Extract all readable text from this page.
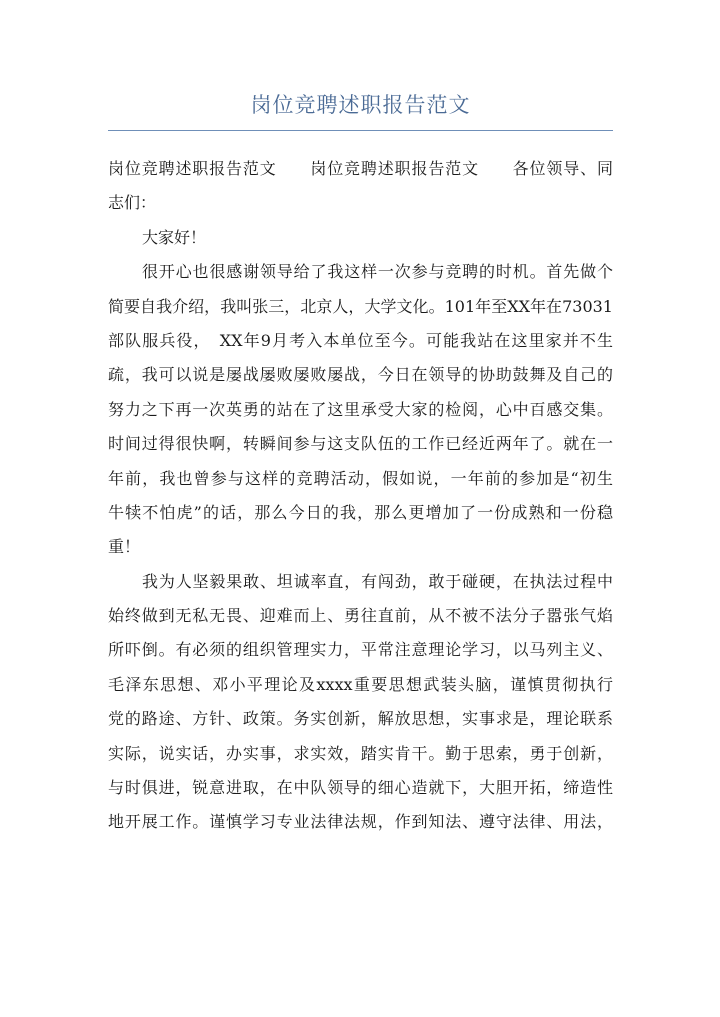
岗位竞聘述职报告范文
岗位竞聘述职报告范文　　岗位竞聘述职报告范文　　各位领导、同
志们：
大家好！
很开心也很感谢领导给了我这样一次参与竞聘的时机。首先做个
简要自我介绍，我叫张三，北京人，大学文化。101年至XX年在73031
部队服兵役，　XX年9月考入本单位至今。可能我站在这里家并不生
疏，我可以说是屡战屡败屡败屡战，今日在领导的协助鼓舞及自己的
努力之下再一次英勇的站在了这里承受大家的检阅，心中百感交集。
时间过得很快啊，转瞬间参与这支队伍的工作已经近两年了。就在一
年前，我也曾参与这样的竞聘活动，假如说，一年前的参加是“初生
牛犊不怕虎”的话，那么今日的我，那么更增加了一份成熟和一份稳
重！
我为人坚毅果敢、坦诚率直，有闯劲，敢于碰硬，在执法过程中
始终做到无私无畏、迎难而上、勇往直前，从不被不法分子嚣张气焰
所吓倒。有必须的组织管理实力，平常注意理论学习，以马列主义、
毛泽东思想、邓小平理论及xxxx重要思想武装头脑，谨慎贯彻执行
党的路途、方针、政策。务实创新，解放思想，实事求是，理论联系
实际，说实话，办实事，求实效，踏实肯干。勤于思索，勇于创新，
与时俱进，锐意进取，在中队领导的细心造就下，大胆开拓，缔造性
地开展工作。谨慎学习专业法律法规，作到知法、遵守法律、用法，
